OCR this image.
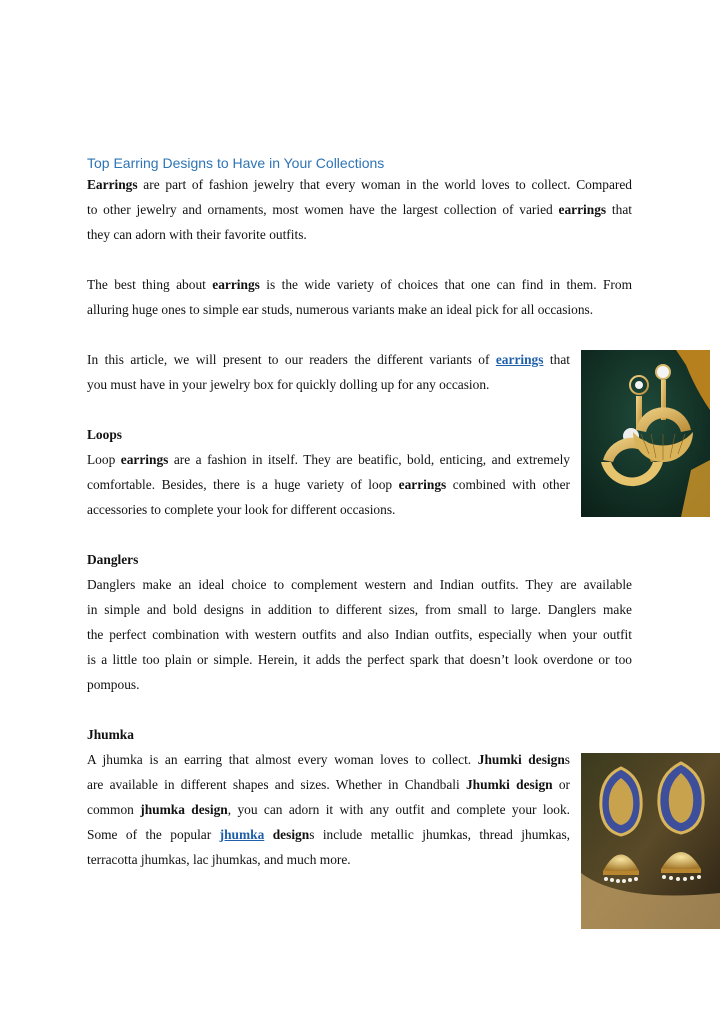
Top Earring Designs to Have in Your Collections
Earrings are part of fashion jewelry that every woman in the world loves to collect. Compared
to other jewelry and ornaments, most women have the largest collection of varied earrings that
they can adorn with their favorite outfits.
The best thing about earrings is the wide variety of choices that one can find in them. From
alluring huge ones to simple ear studs, numerous variants make an ideal pick for all occasions.
In this article, we will present to our readers the different variants of earrings that
you must have in your jewelry box for quickly dolling up for any occasion.
Loops
Loop earrings are a fashion in itself. They are beatific, bold, enticing, and extremely
comfortable. Besides, there is a huge variety of loop earrings combined with other
accessories to complete your look for different occasions.
Danglers
Danglers make an ideal choice to complement western and Indian outfits. They are available
in simple and bold designs in addition to different sizes, from small to large. Danglers make
the perfect combination with western outfits and also Indian outfits, especially when your outfit
is a little too plain or simple. Herein, it adds the perfect spark that doesn’t look overdone or too
pompous.
Jhumka
A jhumka is an earring that almost every woman loves to collect. Jhumki designs
are available in different shapes and sizes. Whether in Chandbali Jhumki design or
common jhumka design, you can adorn it with any outfit and complete your look.
Some of the popular jhumka designs include metallic jhumkas, thread jhumkas,
terracotta jhumkas, lac jhumkas, and much more.
